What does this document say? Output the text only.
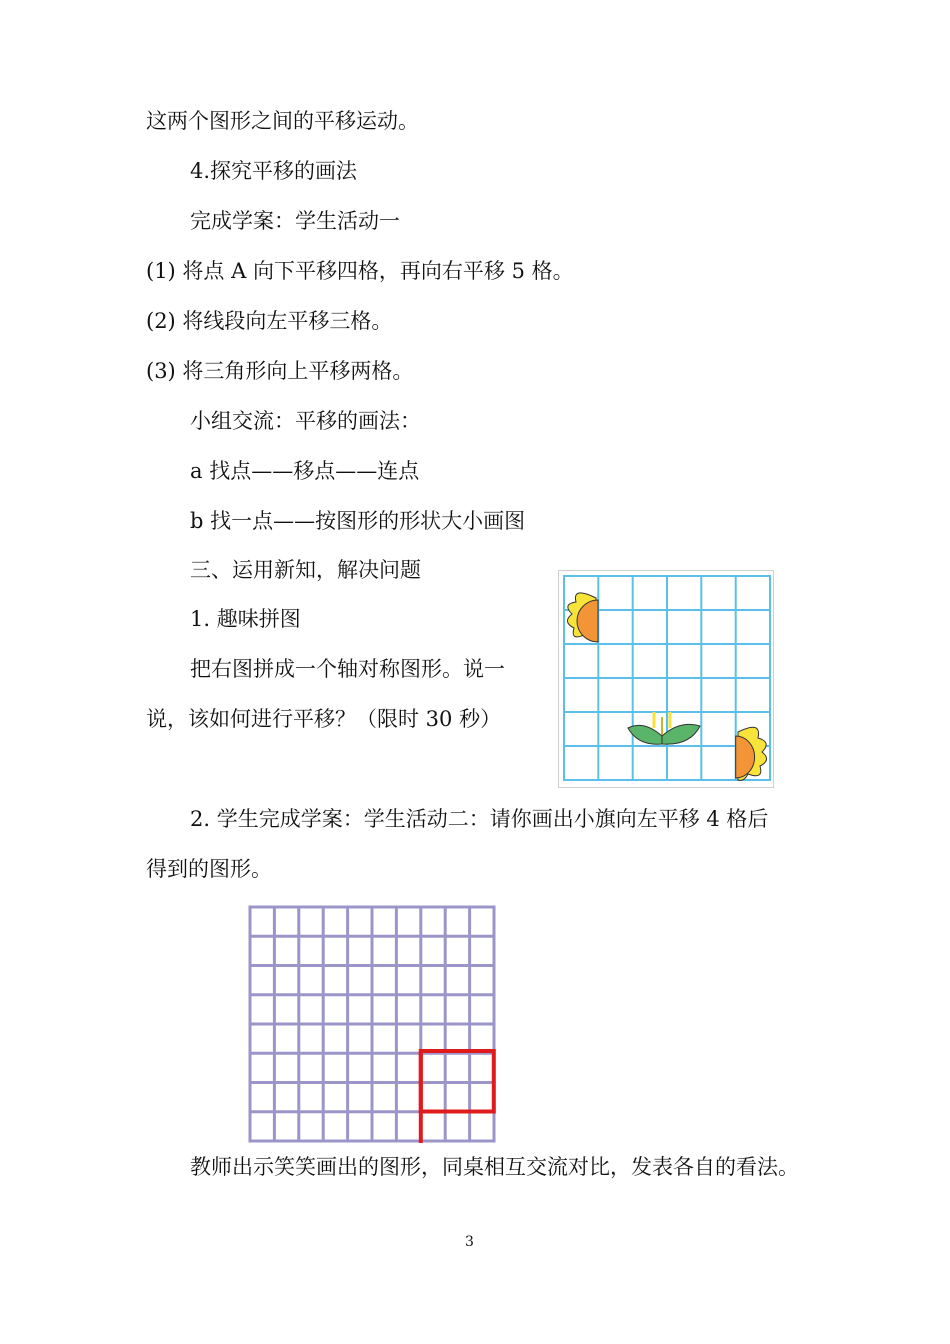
这两个图形之间的平移运动。
4.探究平移的画法
完成学案：学生活动一
(1) 将点 A 向下平移四格，再向右平移 5 格。
(2) 将线段向左平移三格。
(3) 将三角形向上平移两格。
小组交流：平移的画法：
a 找点——移点——连点
b 找一点——按图形的形状大小画图
三、运用新知，解决问题
1. 趣味拼图
把右图拼成一个轴对称图形。说一
说，该如何进行平移？（限时 30 秒）
2. 学生完成学案：学生活动二：请你画出小旗向左平移 4 格后
得到的图形。
教师出示笑笑画出的图形，同桌相互交流对比，发表各自的看法。
3
